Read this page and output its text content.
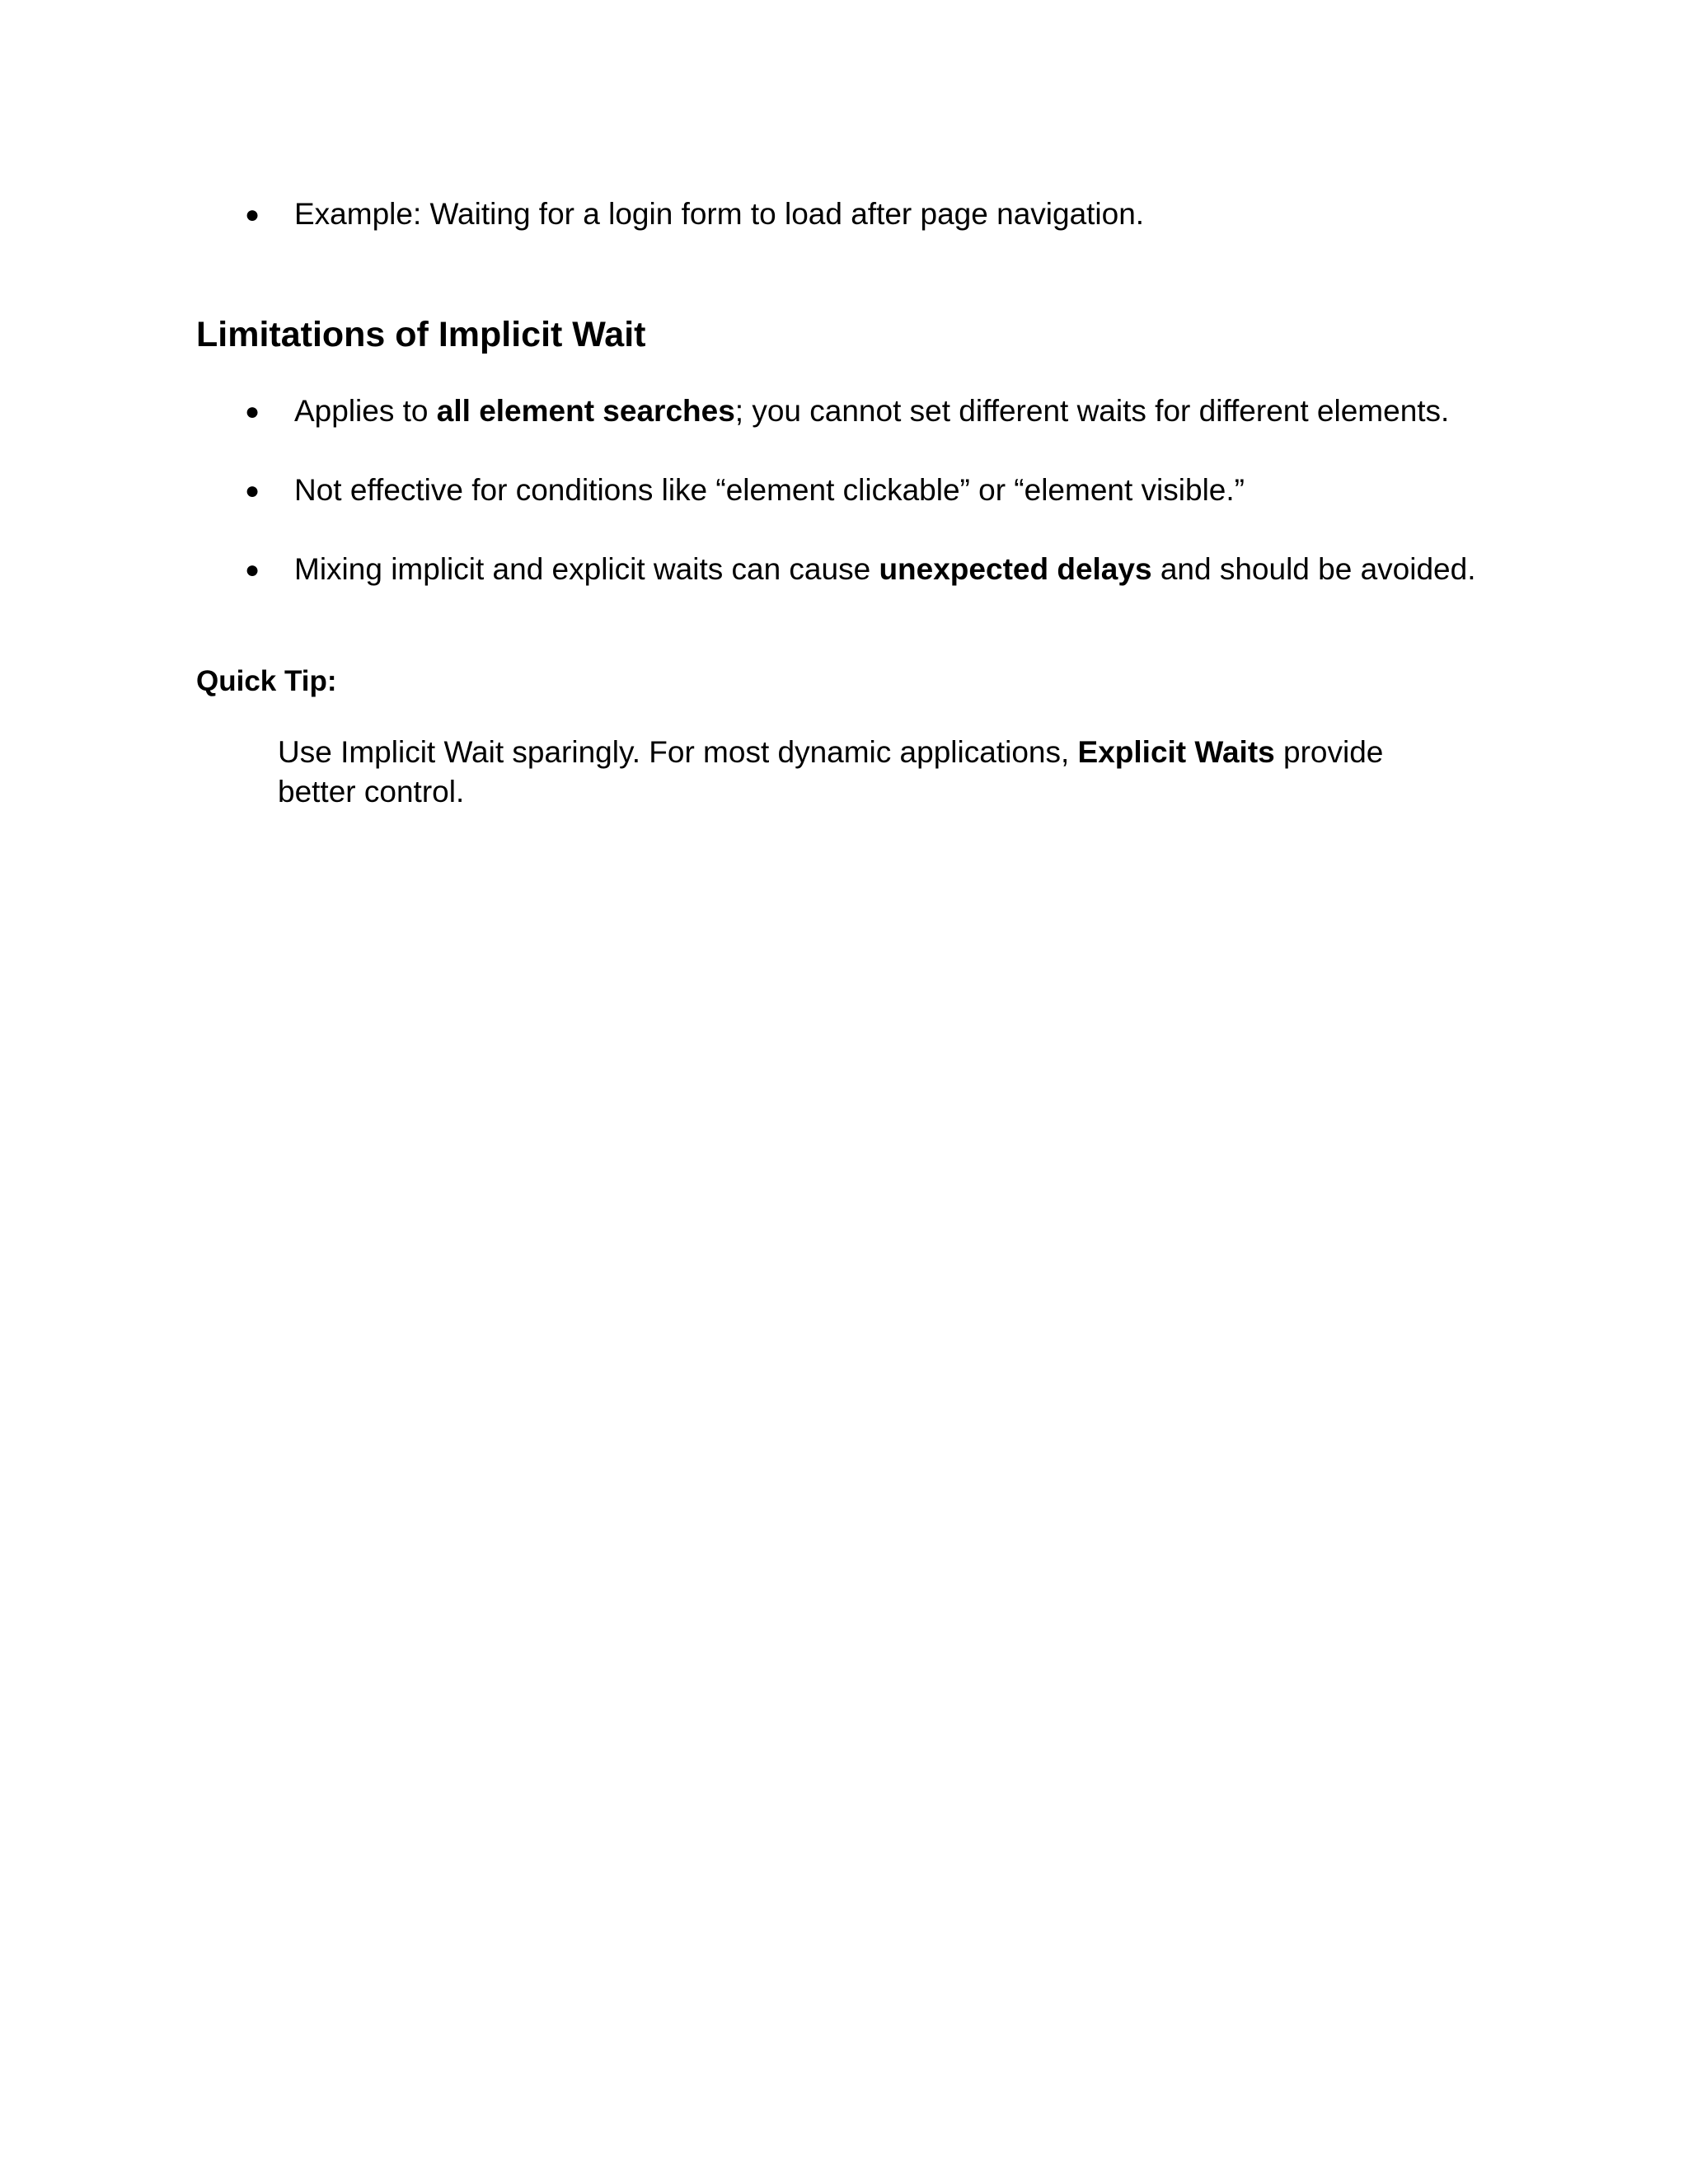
● Example: Waiting for a login form to load after page navigation.

Limitations of Implicit Wait
● Applies to all element searches; you cannot set different waits for different elements.

● Not effective for conditions like “element clickable” or “element visible.”

● Mixing implicit and explicit waits can cause unexpected delays and should be avoided.

Quick Tip:

Use Implicit Wait sparingly. For most dynamic applications, Explicit Waits provide

better control.
